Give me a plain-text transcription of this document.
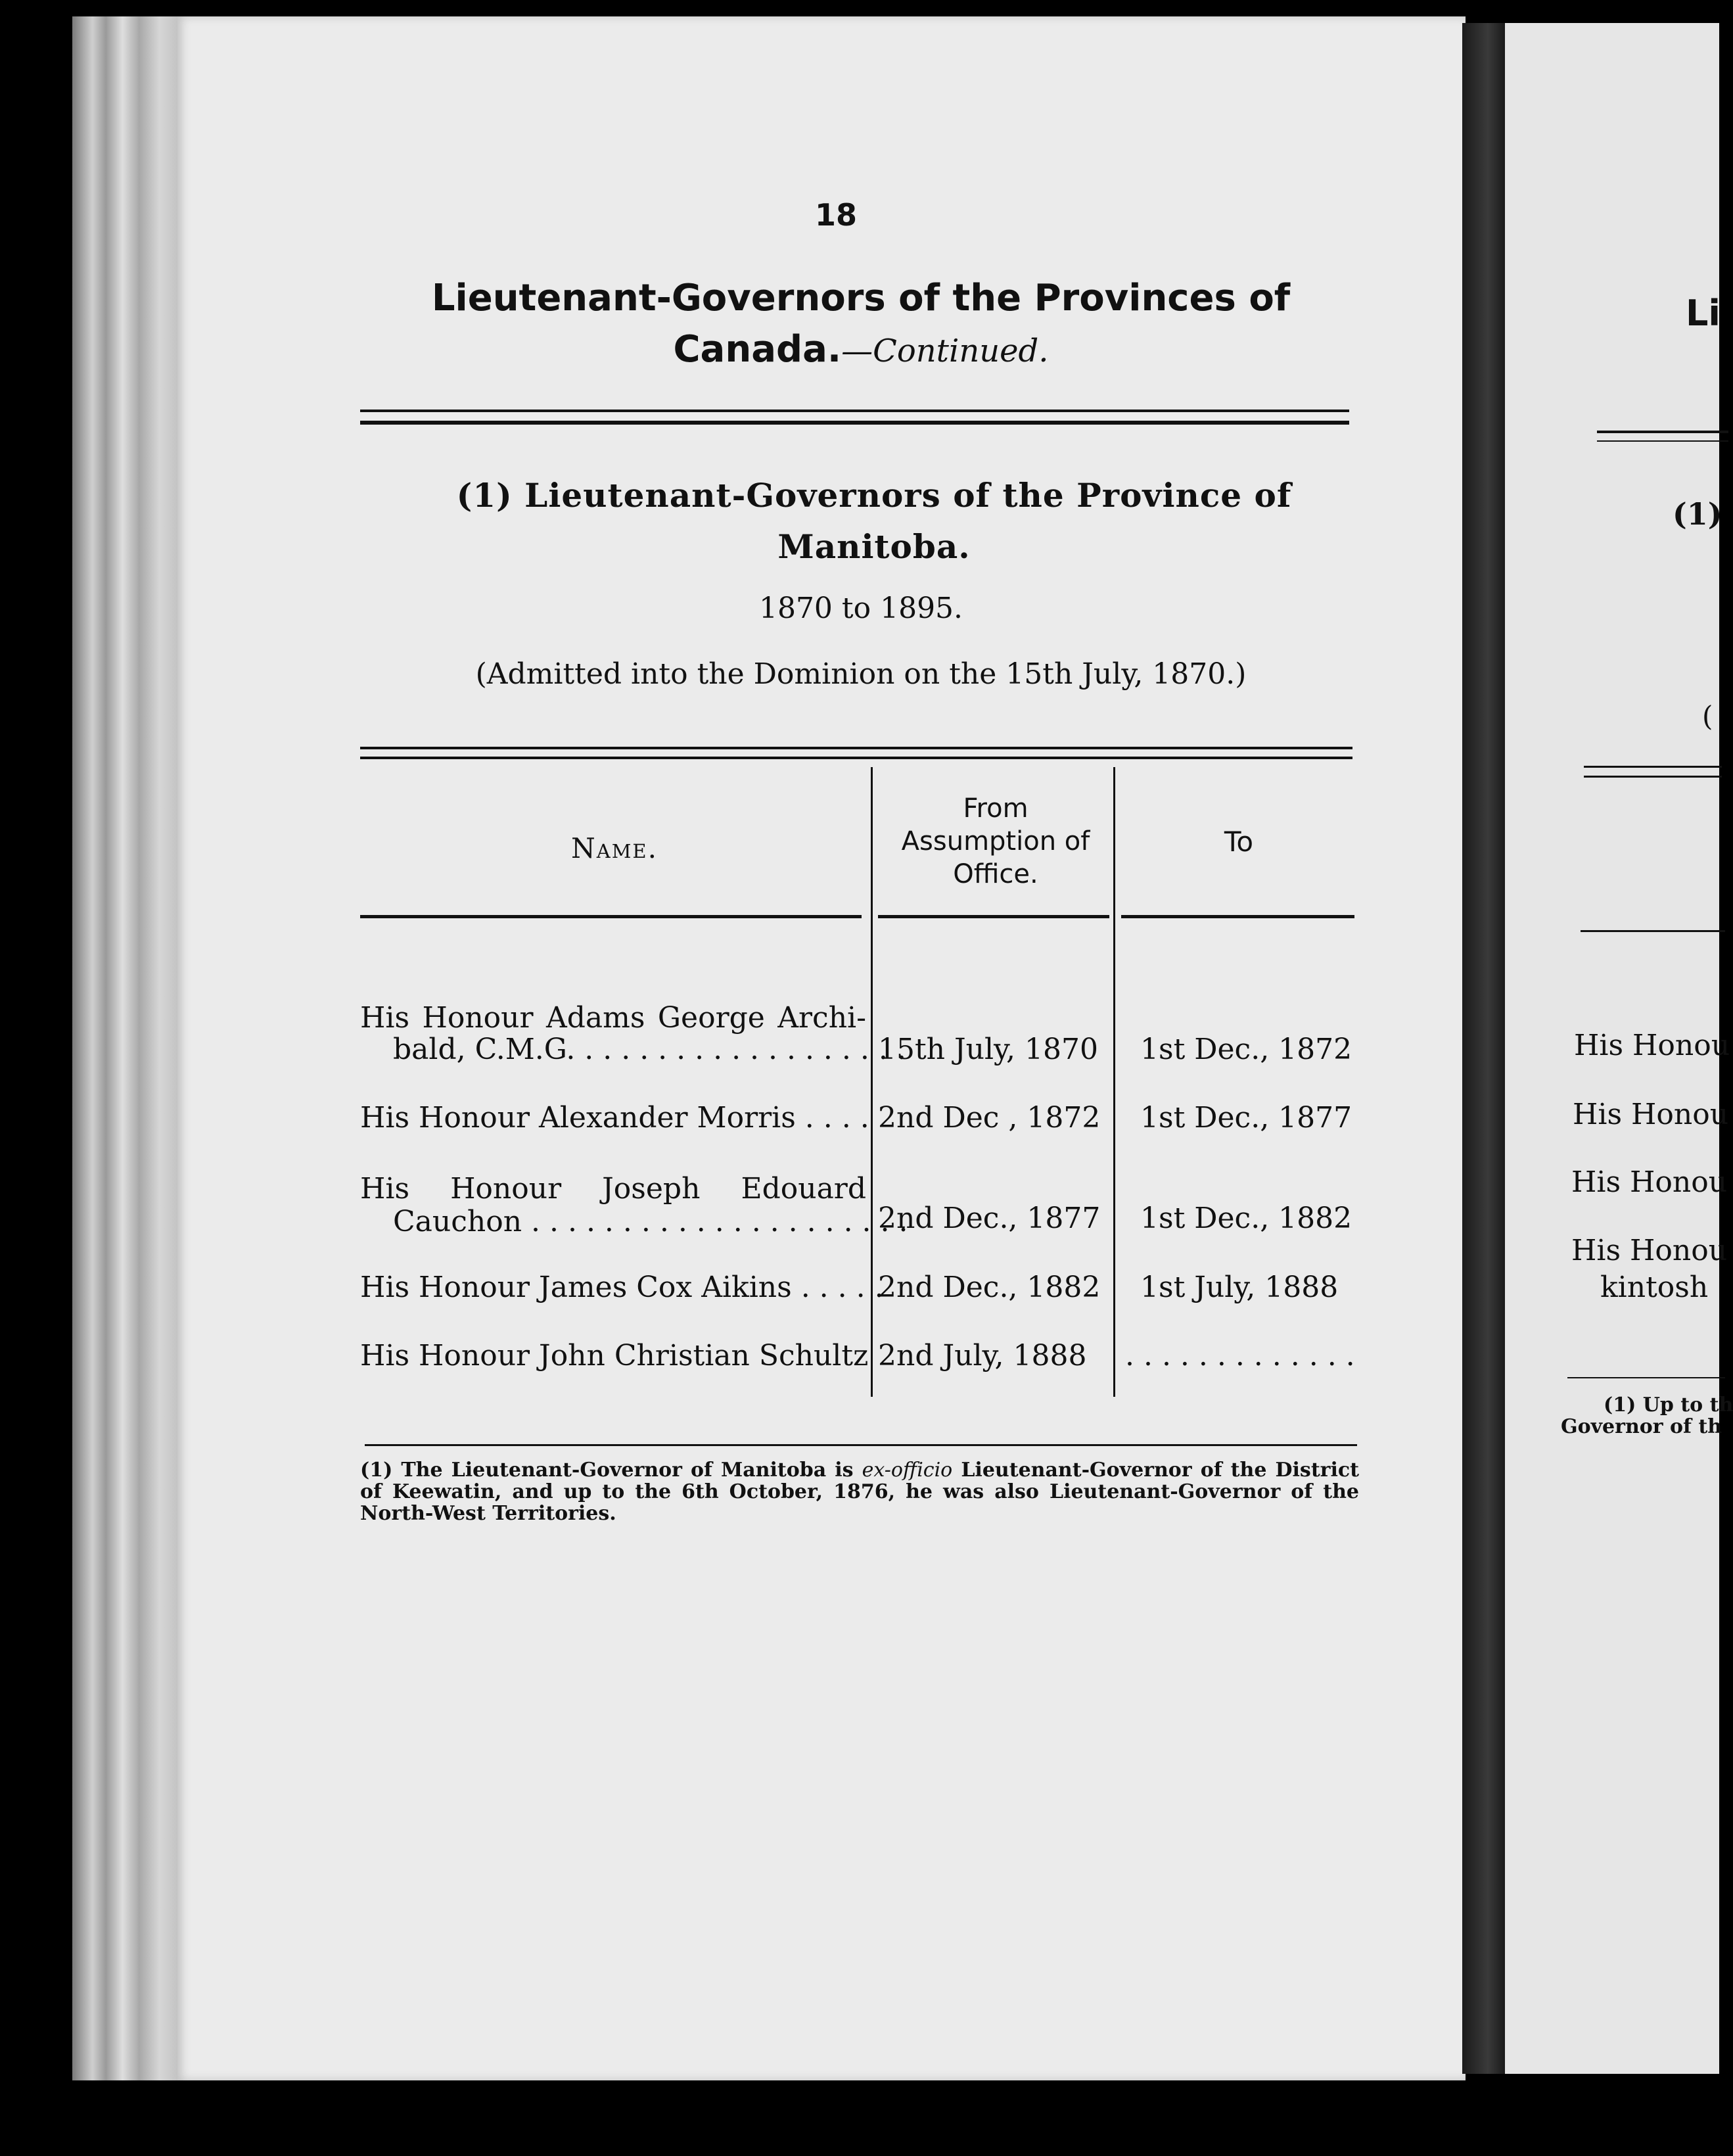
Li
(1)
(
His Honou
His Honou
His Honou
His Honou
kintosh
(1) Up to th
Governor of th
18
Lieutenant-Governors of the Provinces of
Canada.—Continued.
(1) Lieutenant-Governors of the Province of
Manitoba.
1870 to 1895.
(Admitted into the Dominion on the 15th July, 1870.)
Name.
From
Assumption of
Office.
To
His Honour Adams George Archi-
bald, C.M.G. . . . . . . . . . . . . . . . . . .
15th July, 1870 1st Dec., 1872
His Honour Alexander Morris . . . . 2nd Dec , 1872 1st Dec., 1877
His Honour Joseph Edouard
Cauchon . . . . . . . . . . . . . . . . . . . . .
2nd Dec., 1877 1st Dec., 1882
His Honour James Cox Aikins . . . . .
2nd Dec., 1882 1st July, 1888
His Honour John Christian Schultz 2nd July, 1888 . . . . . . . . . . . . .
(1) The Lieutenant-Governor of Manitoba is ex-officio Lieutenant-Governor of the District of Keewatin, and up to the 6th October, 1876, he was also Lieutenant-Governor of the North-West Territories.
